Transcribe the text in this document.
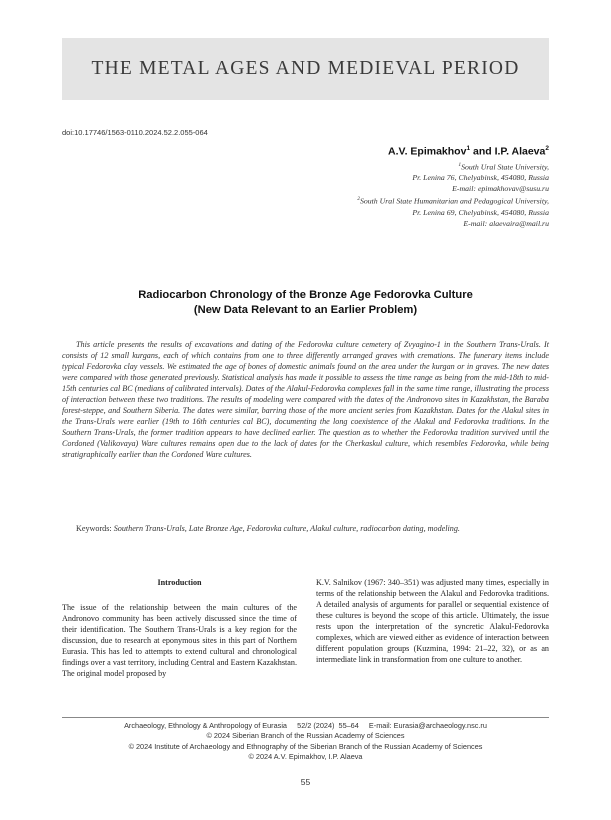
THE METAL AGES AND MEDIEVAL PERIOD
doi:10.17746/1563-0110.2024.52.2.055-064
A.V. Epimakhov$^1$ and I.P. Alaeva$^2$
$^1$South Ural State University,
Pr. Lenina 76, Chelyabinsk, 454080, Russia
E-mail: epimakhovav@susu.ru
$^2$South Ural State Humanitarian and Pedagogical University,
Pr. Lenina 69, Chelyabinsk, 454080, Russia
E-mail: alaevaira@mail.ru
Radiocarbon Chronology of the Bronze Age Fedorovka Culture
(New Data Relevant to an Earlier Problem)

This article presents the results of excavations and dating of the Fedorovka culture cemetery of Zvyagino-1 in the Southern Trans-Urals. It consists of 12 small kurgans, each of which contains from one to three differently arranged graves with cremations. The funerary items include typical Fedorovka clay vessels. We estimated the age of bones of domestic animals found on the area under the kurgan or in graves. The new dates were compared with those generated previously. Statistical analysis has made it possible to assess the time range as being from the mid-18th to mid-15th centuries cal BC (medians of calibrated intervals). Dates of the Alakul-Fedorovka complexes fall in the same time range, illustrating the process of interaction between these two traditions. The results of modeling were compared with the dates of the Andronovo sites in Kazakhstan, the Baraba forest-steppe, and Southern Siberia. The dates were similar, barring those of the more ancient series from Kazakhstan. Dates for the Alakul sites in the Trans-Urals were earlier (19th to 16th centuries cal BC), documenting the long coexistence of the Alakul and Fedorovka traditions. In the Southern Trans-Urals, the former tradition appears to have declined earlier. The question as to whether the Fedorovka tradition survived until the Cordoned (Valikovaya) Ware cultures remains open due to the lack of dates for the Cherkaskul culture, which resembles Fedorovka, while being stratigraphically earlier than the Cordoned Ware cultures.

Keywords: Southern Trans-Urals, Late Bronze Age, Fedorovka culture, Alakul culture, radiocarbon dating, modeling.
Introduction

The issue of the relationship between the main cultures of the Andronovo community has been actively discussed since the time of their identification. The Southern Trans-Urals is a key region for the discussion, due to research at eponymous sites in this part of Northern Eurasia. This has led to attempts to extend cultural and chronological findings over a vast territory, including Central and Eastern Kazakhstan. The original model proposed by

K.V. Salnikov (1967: 340–351) was adjusted many times, especially in terms of the relationship between the Alakul and Fedorovka traditions. A detailed analysis of arguments for parallel or sequential existence of these cultures is beyond the scope of this article. Ultimately, the issue rests upon the interpretation of the syncretic Alakul-Fedorovka complexes, which are viewed either as evidence of interaction between different population groups (Kuzmina, 1994: 21–22, 32), or as an intermediate link in transformation from one culture to another.

Archaeology, Ethnology & Anthropology of Eurasia     52/2 (2024)  55–64     E-mail: Eurasia@archaeology.nsc.ru
© 2024 Siberian Branch of the Russian Academy of Sciences
© 2024 Institute of Archaeology and Ethnography of the Siberian Branch of the Russian Academy of Sciences
© 2024 A.V. Epimakhov, I.P. Alaeva
55
